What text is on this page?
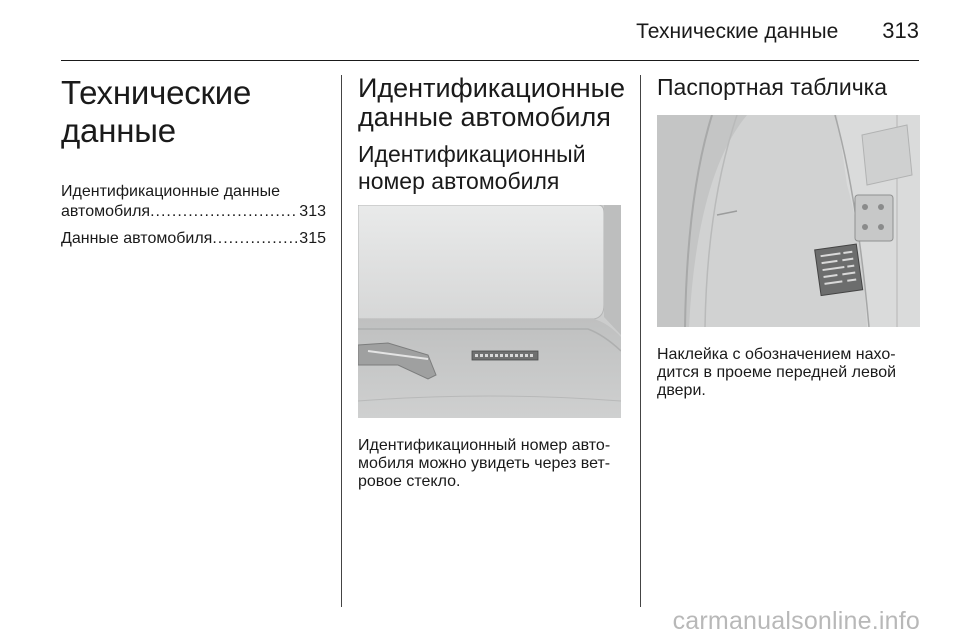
Технические данные 313
Технические данные
Идентификационные данные
автомобиля .....	313
Данные автомобиля .....	315
Идентификационные
данные автомобиля
Идентификационный
номер автомобиля

Идентификационный номер авто-

мобиля можно увидеть через вет-

ровое стекло.

Паспортная табличка

Наклейка с обозначением нахо-

дится в проеме передней левой

двери.

carmanualsonline.info
